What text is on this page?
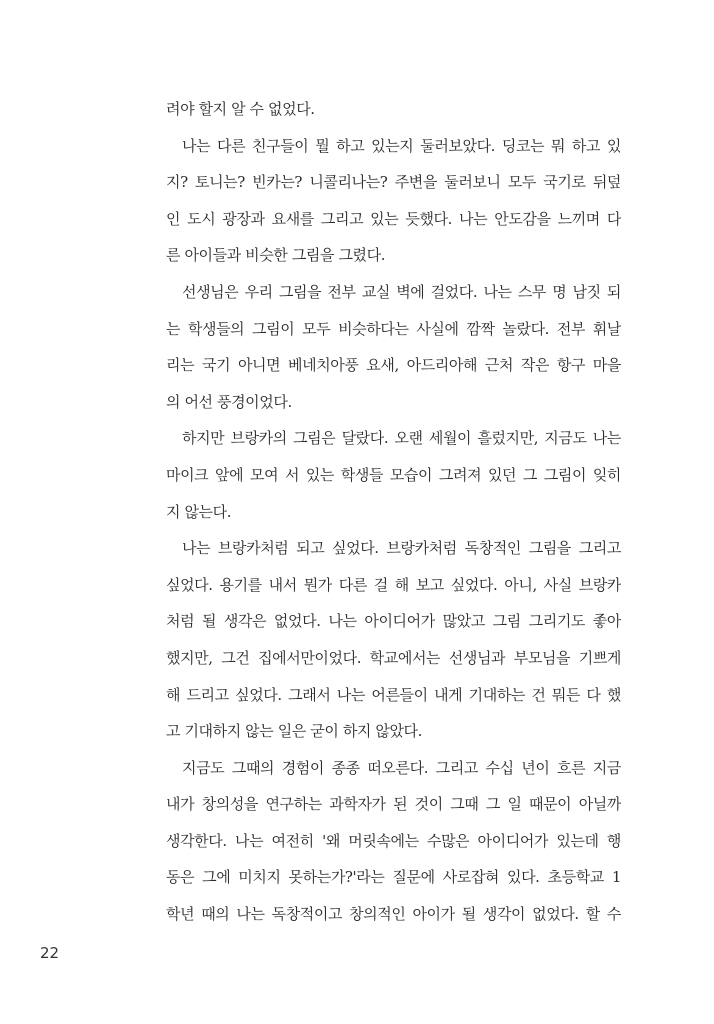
려야 할지 알 수 없었다.
나는 다른 친구들이 뭘 하고 있는지 둘러보았다. 딩코는 뭐 하고 있
지? 토니는? 빈카는? 니콜리나는? 주변을 둘러보니 모두 국기로 뒤덮
인 도시 광장과 요새를 그리고 있는 듯했다. 나는 안도감을 느끼며 다
른 아이들과 비슷한 그림을 그렸다.
선생님은 우리 그림을 전부 교실 벽에 걸었다. 나는 스무 명 남짓 되
는 학생들의 그림이 모두 비슷하다는 사실에 깜짝 놀랐다. 전부 휘날
리는 국기 아니면 베네치아풍 요새, 아드리아해 근처 작은 항구 마을
의 어선 풍경이었다.
하지만 브랑카의 그림은 달랐다. 오랜 세월이 흘렀지만, 지금도 나는
마이크 앞에 모여 서 있는 학생들 모습이 그려져 있던 그 그림이 잊히
지 않는다.
나는 브랑카처럼 되고 싶었다. 브랑카처럼 독창적인 그림을 그리고
싶었다. 용기를 내서 뭔가 다른 걸 해 보고 싶었다. 아니, 사실 브랑카
처럼 될 생각은 없었다. 나는 아이디어가 많았고 그림 그리기도 좋아
했지만, 그건 집에서만이었다. 학교에서는 선생님과 부모님을 기쁘게
해 드리고 싶었다. 그래서 나는 어른들이 내게 기대하는 건 뭐든 다 했
고 기대하지 않는 일은 굳이 하지 않았다.
지금도 그때의 경험이 종종 떠오른다. 그리고 수십 년이 흐른 지금
내가 창의성을 연구하는 과학자가 된 것이 그때 그 일 때문이 아닐까
생각한다. 나는 여전히 '왜 머릿속에는 수많은 아이디어가 있는데 행
동은 그에 미치지 못하는가?'라는 질문에 사로잡혀 있다. 초등학교 1
학년 때의 나는 독창적이고 창의적인 아이가 될 생각이 없었다. 할 수
22
